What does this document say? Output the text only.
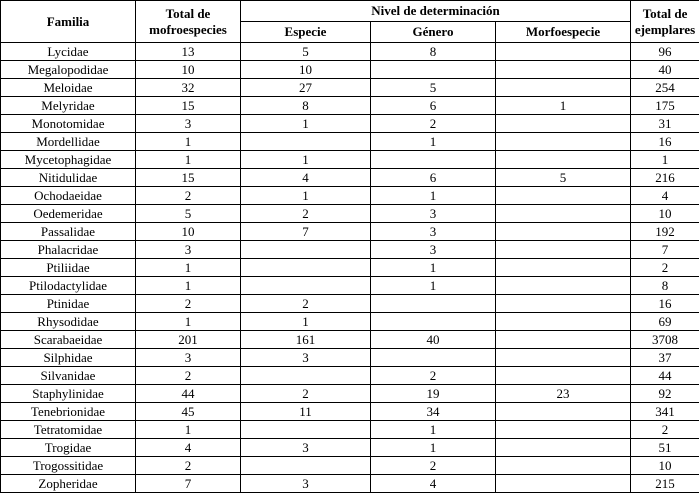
Familia	Total de mofroespecies	Nivel de determinación			Total de ejemplares
		Especie	Género	Morfoespecie	
Lycidae	13	5	8		96
Megalopodidae	10	10			40
Meloidae	32	27	5		254
Melyridae	15	8	6	1	175
Monotomidae	3	1	2		31
Mordellidae	1		1		16
Mycetophagidae	1	1			1
Nitidulidae	15	4	6	5	216
Ochodaeidae	2	1	1		4
Oedemeridae	5	2	3		10
Passalidae	10	7	3		192
Phalacridae	3		3		7
Ptiliidae	1		1		2
Ptilodactylidae	1		1		8
Ptinidae	2	2			16
Rhysodidae	1	1			69
Scarabaeidae	201	161	40		3708
Silphidae	3	3			37
Silvanidae	2		2		44
Staphylinidae	44	2	19	23	92
Tenebrionidae	45	11	34		341
Tetratomidae	1		1		2
Trogidae	4	3	1		51
Trogossitidae	2		2		10
Zopheridae	7	3	4		215
